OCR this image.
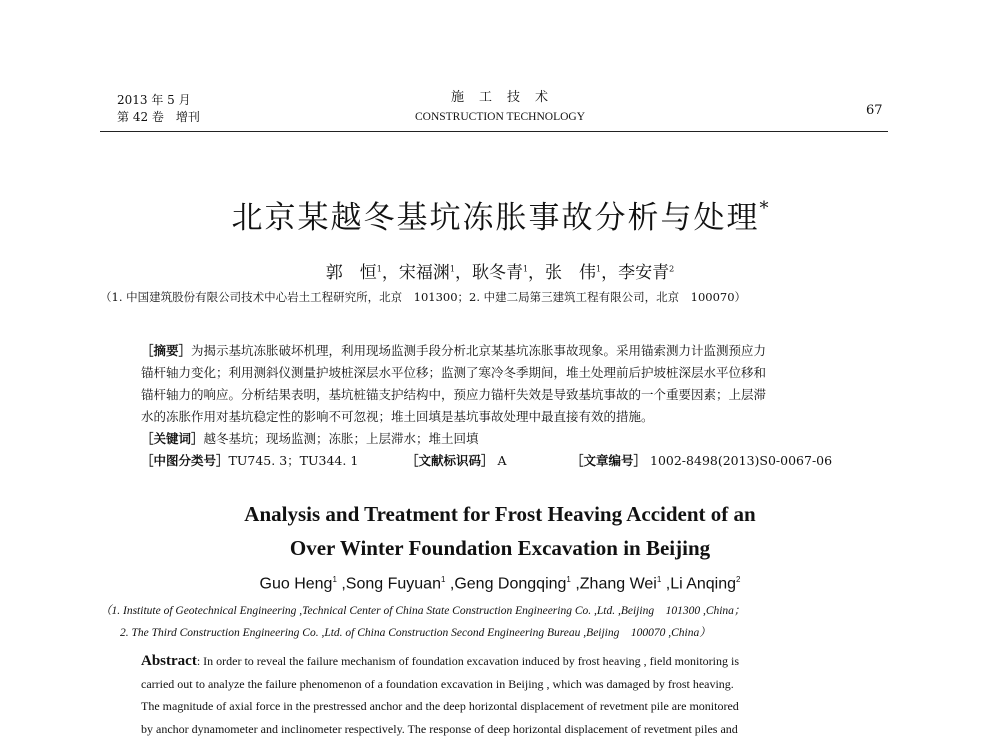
2013 年 5 月
第 42 卷　增刊
施　工　技　术
CONSTRUCTION TECHNOLOGY	67
北京某越冬基坑冻胀事故分析与处理*
郭　恒$^1$，宋福渊$^1$，耿冬青$^1$，张　伟$^1$，李安青$^2$
（1. 中国建筑股份有限公司技术中心岩土工程研究所，北京　101300；2. 中建二局第三建筑工程有限公司，北京　100070）
［摘要］为揭示基坑冻胀破坏机理，利用现场监测手段分析北京某基坑冻胀事故现象。采用锚索测力计监测预应力
锚杆轴力变化；利用测斜仪测量护坡桩深层水平位移；监测了寒冷冬季期间，堆土处理前后护坡桩深层水平位移和
锚杆轴力的响应。分析结果表明，基坑桩锚支护结构中，预应力锚杆失效是导致基坑事故的一个重要因素；上层滞
水的冻胀作用对基坑稳定性的影响不可忽视；堆土回填是基坑事故处理中最直接有效的措施。
［关键词］越冬基坑；现场监测；冻胀；上层滞水；堆土回填
［中图分类号］TU745. 3；TU344. 1	［文献标识码］ A	［文章编号］ 1002-8498(2013)S0-0067-06
Analysis and Treatment for Frost Heaving Accident of an
Over Winter Foundation Excavation in Beijing
Guo Heng$^1$ ,Song Fuyuan$^1$ ,Geng Dongqing$^1$ ,Zhang Wei$^1$ ,Li Anqing$^2$
（1. Institute of Geotechnical Engineering ,Technical Center of China State Construction Engineering Co. ,Ltd. ,Beijing　101300 ,China；
2. The Third Construction Engineering Co. ,Ltd. of China Construction Second Engineering Bureau ,Beijing　100070 ,China）
Abstract: In order to reveal the failure mechanism of foundation excavation induced by frost heaving , field monitoring is
carried out to analyze the failure phenomenon of a foundation excavation in Beijing , which was damaged by frost heaving.
The magnitude of axial force in the prestressed anchor and the deep horizontal displacement of revetment pile are monitored
by anchor dynamometer and inclinometer respectively. The response of deep horizontal displacement of revetment piles and
